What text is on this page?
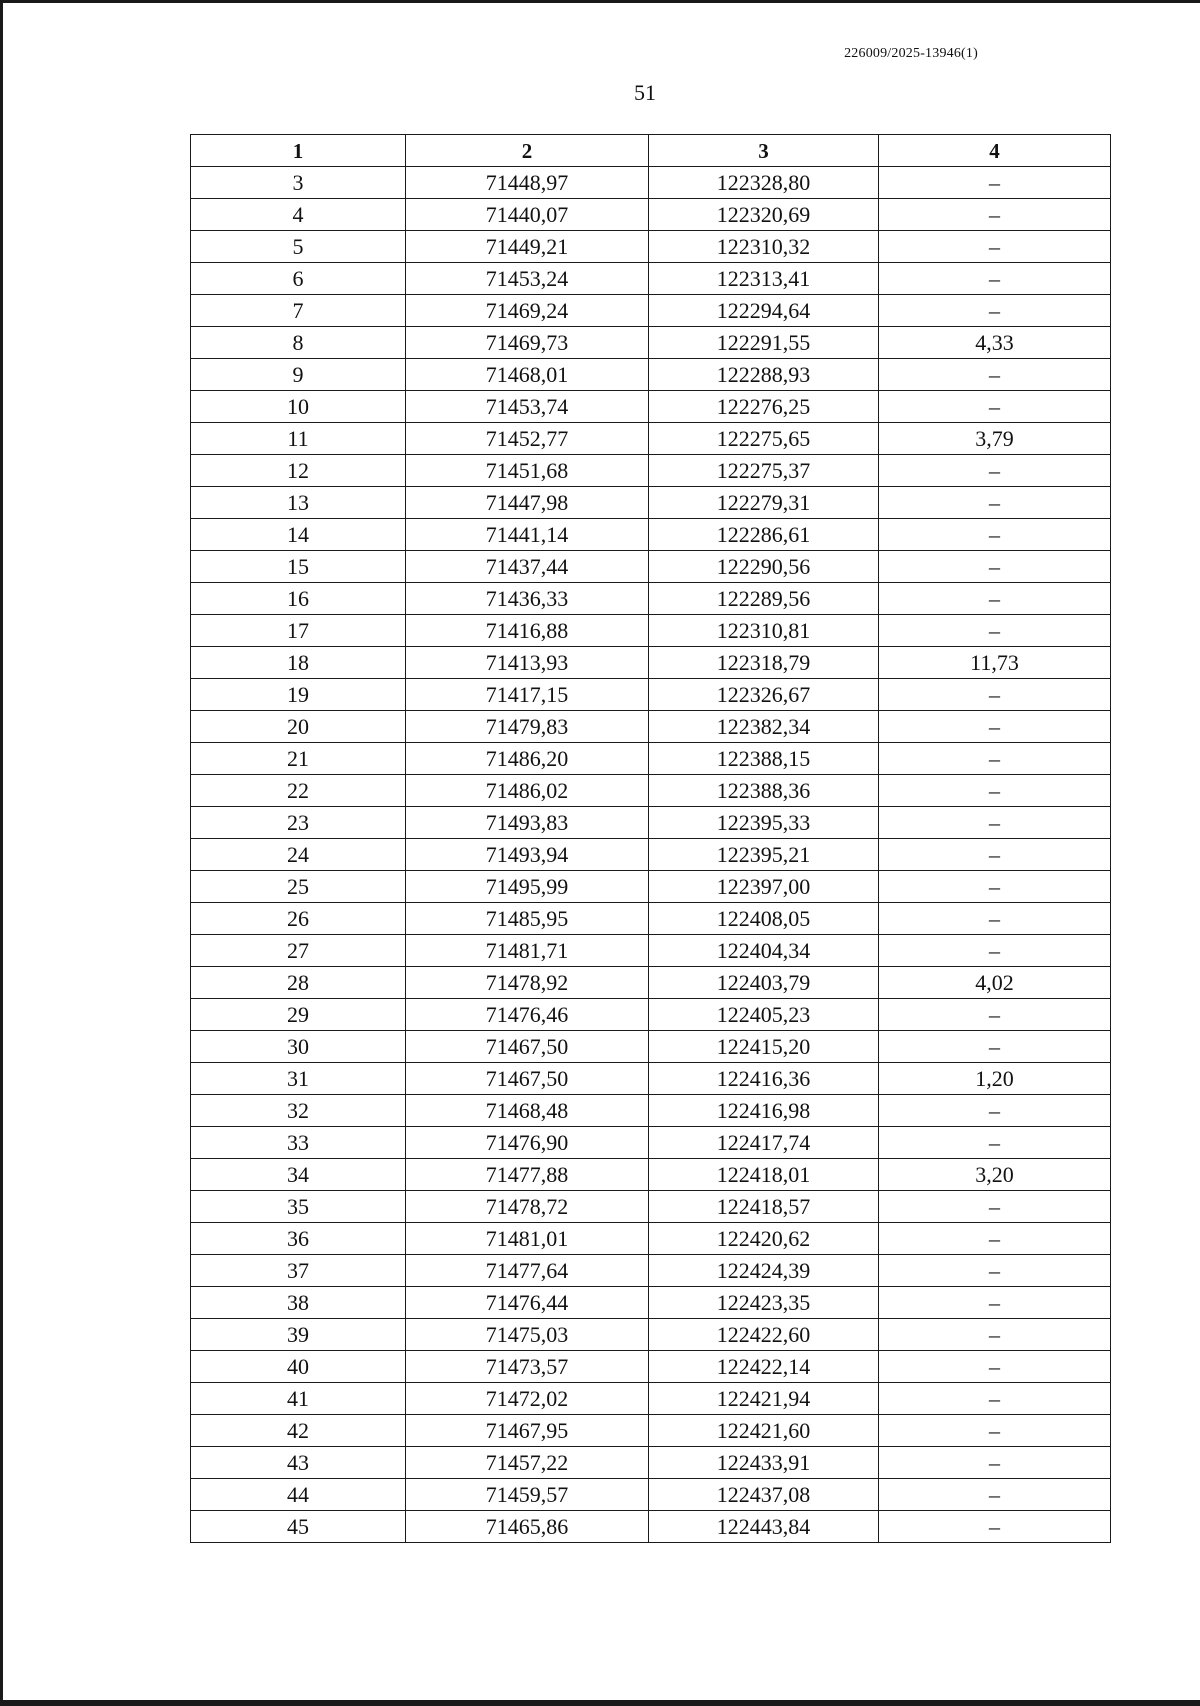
226009/2025-13946(1)
51
1	2	3	4
3	71448,97	122328,80	–
4	71440,07	122320,69	–
5	71449,21	122310,32	–
6	71453,24	122313,41	–
7	71469,24	122294,64	–
8	71469,73	122291,55	4,33
9	71468,01	122288,93	–
10	71453,74	122276,25	–
11	71452,77	122275,65	3,79
12	71451,68	122275,37	–
13	71447,98	122279,31	–
14	71441,14	122286,61	–
15	71437,44	122290,56	–
16	71436,33	122289,56	–
17	71416,88	122310,81	–
18	71413,93	122318,79	11,73
19	71417,15	122326,67	–
20	71479,83	122382,34	–
21	71486,20	122388,15	–
22	71486,02	122388,36	–
23	71493,83	122395,33	–
24	71493,94	122395,21	–
25	71495,99	122397,00	–
26	71485,95	122408,05	–
27	71481,71	122404,34	–
28	71478,92	122403,79	4,02
29	71476,46	122405,23	–
30	71467,50	122415,20	–
31	71467,50	122416,36	1,20
32	71468,48	122416,98	–
33	71476,90	122417,74	–
34	71477,88	122418,01	3,20
35	71478,72	122418,57	–
36	71481,01	122420,62	–
37	71477,64	122424,39	–
38	71476,44	122423,35	–
39	71475,03	122422,60	–
40	71473,57	122422,14	–
41	71472,02	122421,94	–
42	71467,95	122421,60	–
43	71457,22	122433,91	–
44	71459,57	122437,08	–
45	71465,86	122443,84	–
